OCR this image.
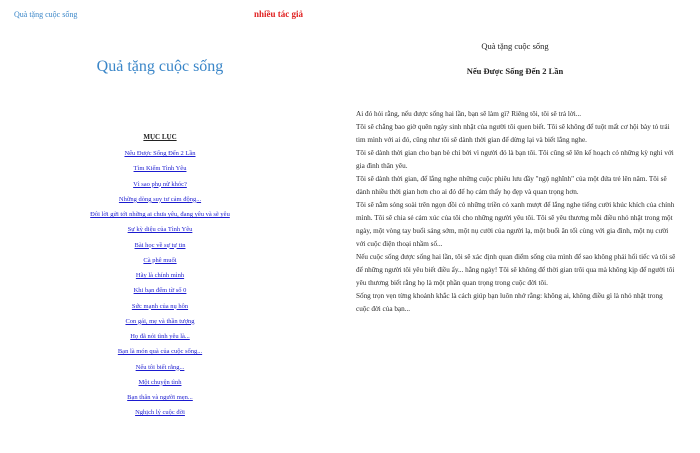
Quà tặng cuộc sống	nhiều tác giả
Quả tặng cuộc sống
MỤC LỤC
Nếu Được Sống Đến 2 Lần
Tìm Kiếm Tình Yêu
Vì sao phụ nữ khóc?
Những dòng suy tư cảm động...
Đôi lời gửi tới những ai chưa yêu, đang yêu và sẽ yêu
Sự kỳ diệu của Tình Yêu
Bài học về sự tự tin
Cà phê muối
Hãy là chính mình
Khi bạn đếm từ số 0
Sức mạnh của nụ hôn
Con gái, mẹ và thần tượng
Họ đã nói tình yêu là...
Bạn là món quà của cuộc sống...
Nếu tôi biết rằng...
Một chuyện tình
Bạn thân và người mẹn...
Nghịch lý cuộc đời
Quà tặng cuộc sống
Nếu Được Sống Đến 2 Lần

Ai đó hỏi rằng, nếu được sống hai lần, bạn sẽ làm gì? Riêng tôi, tôi sẽ trả lời...

Tôi sẽ chẳng bao giờ quên ngày sinh nhật của người tôi quen biết. Tôi sẽ không để tuột mất cơ hội bày tỏ trái tim mình với ai đó, cũng như tôi sẽ dành thời gian để dừng lại và biết lắng nghe.

Tôi sẽ dành thời gian cho bạn bè chỉ bởi vì người đó là bạn tôi. Tôi cũng sẽ lên kế hoạch có những kỳ nghỉ với gia đình thân yêu.

Tôi sẽ dành thời gian, để lắng nghe những cuộc phiêu lưu đầy "ngộ nghĩnh" của một đứa trẻ lên năm. Tôi sẽ dành nhiều thời gian hơn cho ai đó để họ cảm thấy họ đẹp và quan trọng hơn.

Tôi sẽ nằm sóng soài trên ngọn đồi cỏ những triền cỏ xanh mượt để lắng nghe tiếng cười khúc khích của chính mình. Tôi sẽ chia sẻ cảm xúc của tôi cho những người yêu tôi. Tôi sẽ yêu thương mỗi điều nhỏ nhặt trong một ngày, một vòng tay buổi sáng sớm, một nụ cười của người lạ, một buổi ăn tối cùng với gia đình, một nụ cười với cuộc điện thoại nhầm số...

Nếu cuộc sống được sống hai lần, tôi sẽ xác định quan điểm sống của mình để sao không phải hối tiếc và tôi sẽ để những người tôi yêu biết điều ấy... hằng ngày! Tôi sẽ không để thời gian trôi qua mà không kịp để người tôi yêu thương biết rằng họ là một phần quan trọng trong cuộc đời tôi.

Sống trọn vẹn từng khoảnh khắc là cách giúp bạn luôn nhớ rằng: không ai, không điều gì là nhỏ nhặt trong cuộc đời của bạn...
